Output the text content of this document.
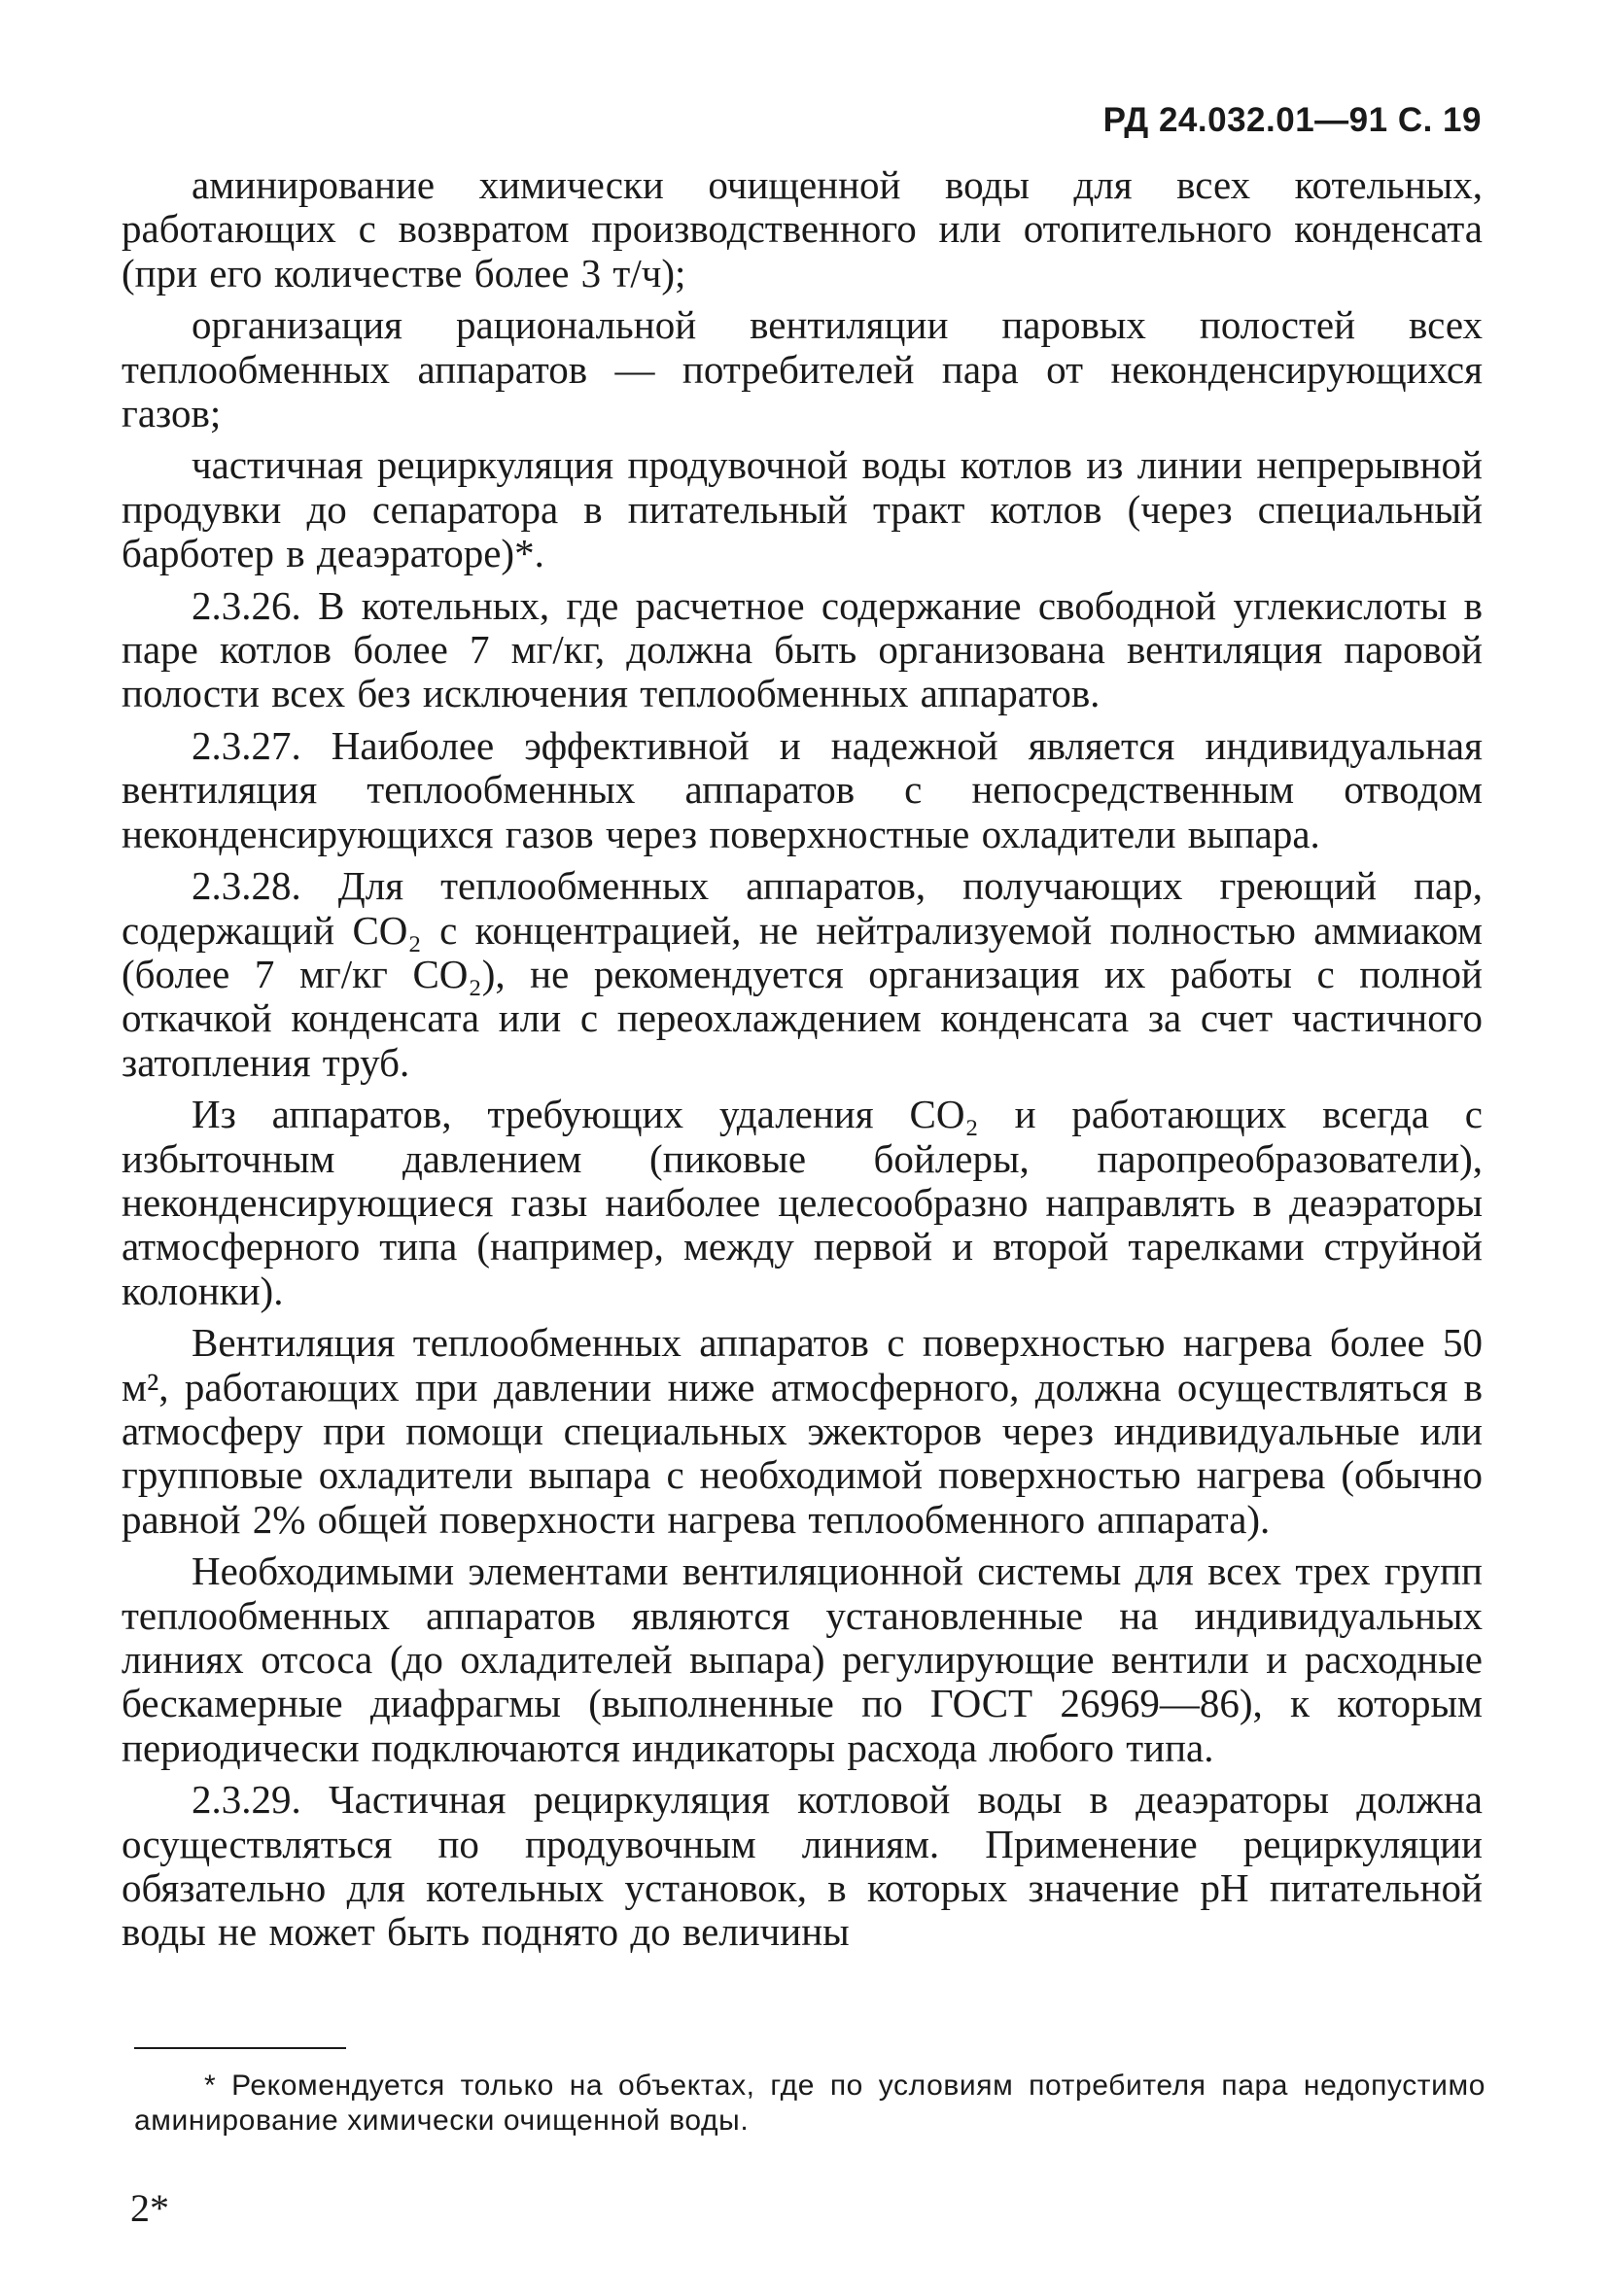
РД 24.032.01—91 С. 19

аминирование химически очищенной воды для всех котельных, работающих с возвратом производственного или отопительного конденсата (при его количестве более 3 т/ч);

организация рациональной вентиляции паровых полостей всех теплообменных аппаратов — потребителей пара от неконденсирующихся газов;

частичная рециркуляция продувочной воды котлов из линии непрерывной продувки до сепаратора в питательный тракт котлов (через специальный барботер в деаэраторе)*.

2.3.26. В котельных, где расчетное содержание свободной углекислоты в паре котлов более 7 мг/кг, должна быть организована вентиляция паровой полости всех без исключения теплообменных аппаратов.

2.3.27. Наиболее эффективной и надежной является индивидуальная вентиляция теплообменных аппаратов с непосредственным отводом неконденсирующихся газов через поверхностные охладители выпара.

2.3.28. Для теплообменных аппаратов, получающих греющий пар, содержащий CO₂ с концентрацией, не нейтрализуемой полностью аммиаком (более 7 мг/кг CO₂), не рекомендуется организация их работы с полной откачкой конденсата или с переохлаждением конденсата за счет частичного затопления труб.

Из аппаратов, требующих удаления CO₂ и работающих всегда с избыточным давлением (пиковые бойлеры, паропреобразователи), неконденсирующиеся газы наиболее целесообразно направлять в деаэраторы атмосферного типа (например, между первой и второй тарелками струйной колонки).

Вентиляция теплообменных аппаратов с поверхностью нагрева более 50 м², работающих при давлении ниже атмосферного, должна осуществляться в атмосферу при помощи специальных эжекторов через индивидуальные или групповые охладители выпара с необходимой поверхностью нагрева (обычно равной 2% общей поверхности нагрева теплообменного аппарата).

Необходимыми элементами вентиляционной системы для всех трех групп теплообменных аппаратов являются установленные на индивидуальных линиях отсоса (до охладителей выпара) регулирующие вентили и расходные бескамерные диафрагмы (выполненные по ГОСТ 26969—86), к которым периодически подключаются индикаторы расхода любого типа.

2.3.29. Частичная рециркуляция котловой воды в деаэраторы должна осуществляться по продувочным линиям. Применение рециркуляции обязательно для котельных установок, в которых значение pH питательной воды не может быть поднято до величины

* Рекомендуется только на объектах, где по условиям потребителя пара недопустимо аминирование химически очищенной воды.
2*
